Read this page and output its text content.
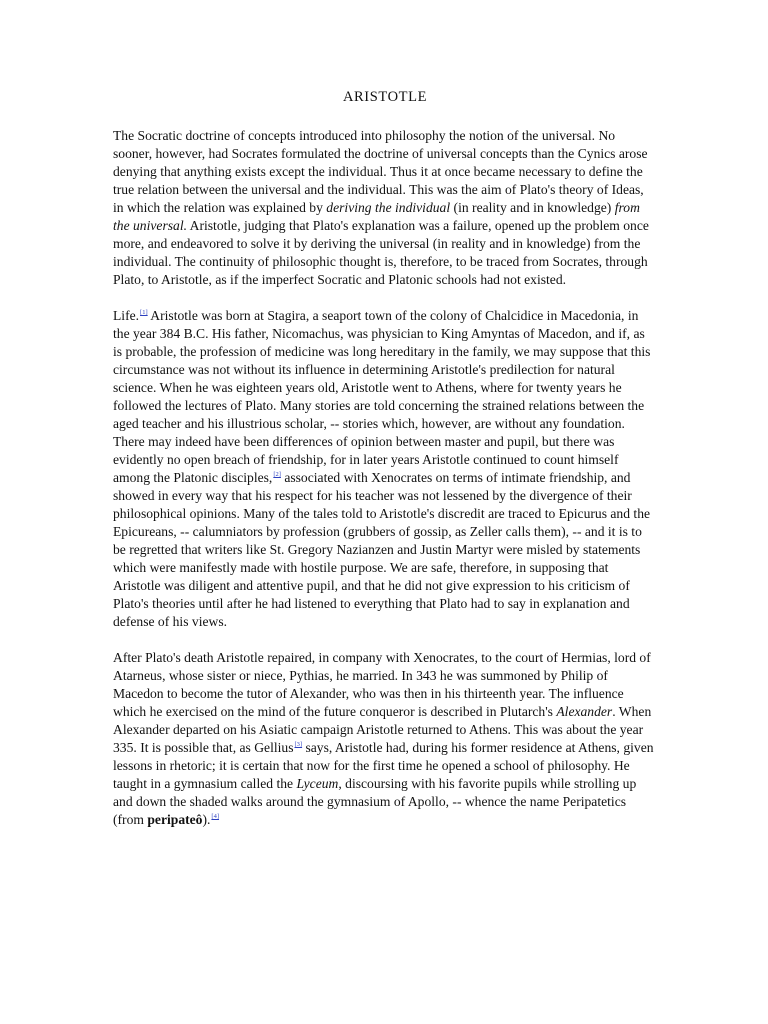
ARISTOTLE

The Socratic doctrine of concepts introduced into philosophy the notion of the universal. No sooner, however, had Socrates formulated the doctrine of universal concepts than the Cynics arose denying that anything exists except the individual. Thus it at once became necessary to define the true relation between the universal and the individual. This was the aim of Plato's theory of Ideas, in which the relation was explained by deriving the individual (in reality and in knowledge) from the universal. Aristotle, judging that Plato's explanation was a failure, opened up the problem once more, and endeavored to solve it by deriving the universal (in reality and in knowledge) from the individual. The continuity of philosophic thought is, therefore, to be traced from Socrates, through Plato, to Aristotle, as if the imperfect Socratic and Platonic schools had not existed.

Life.[1] Aristotle was born at Stagira, a seaport town of the colony of Chalcidice in Macedonia, in the year 384 B.C. His father, Nicomachus, was physician to King Amyntas of Macedon, and if, as is probable, the profession of medicine was long hereditary in the family, we may suppose that this circumstance was not without its influence in determining Aristotle's predilection for natural science. When he was eighteen years old, Aristotle went to Athens, where for twenty years he followed the lectures of Plato. Many stories are told concerning the strained relations between the aged teacher and his illustrious scholar, -- stories which, however, are without any foundation. There may indeed have been differences of opinion between master and pupil, but there was evidently no open breach of friendship, for in later years Aristotle continued to count himself among the Platonic disciples,[2] associated with Xenocrates on terms of intimate friendship, and showed in every way that his respect for his teacher was not lessened by the divergence of their philosophical opinions. Many of the tales told to Aristotle's discredit are traced to Epicurus and the Epicureans, -- calumniators by profession (grubbers of gossip, as Zeller calls them), -- and it is to be regretted that writers like St. Gregory Nazianzen and Justin Martyr were misled by statements which were manifestly made with hostile purpose. We are safe, therefore, in supposing that Aristotle was diligent and attentive pupil, and that he did not give expression to his criticism of Plato's theories until after he had listened to everything that Plato had to say in explanation and defense of his views.

After Plato's death Aristotle repaired, in company with Xenocrates, to the court of Hermias, lord of Atarneus, whose sister or niece, Pythias, he married. In 343 he was summoned by Philip of Macedon to become the tutor of Alexander, who was then in his thirteenth year. The influence which he exercised on the mind of the future conqueror is described in Plutarch's Alexander. When Alexander departed on his Asiatic campaign Aristotle returned to Athens. This was about the year 335. It is possible that, as Gellius[3] says, Aristotle had, during his former residence at Athens, given lessons in rhetoric; it is certain that now for the first time he opened a school of philosophy. He taught in a gymnasium called the Lyceum, discoursing with his favorite pupils while strolling up and down the shaded walks around the gymnasium of Apollo, -- whence the name Peripatetics (from peripateô).[4]
